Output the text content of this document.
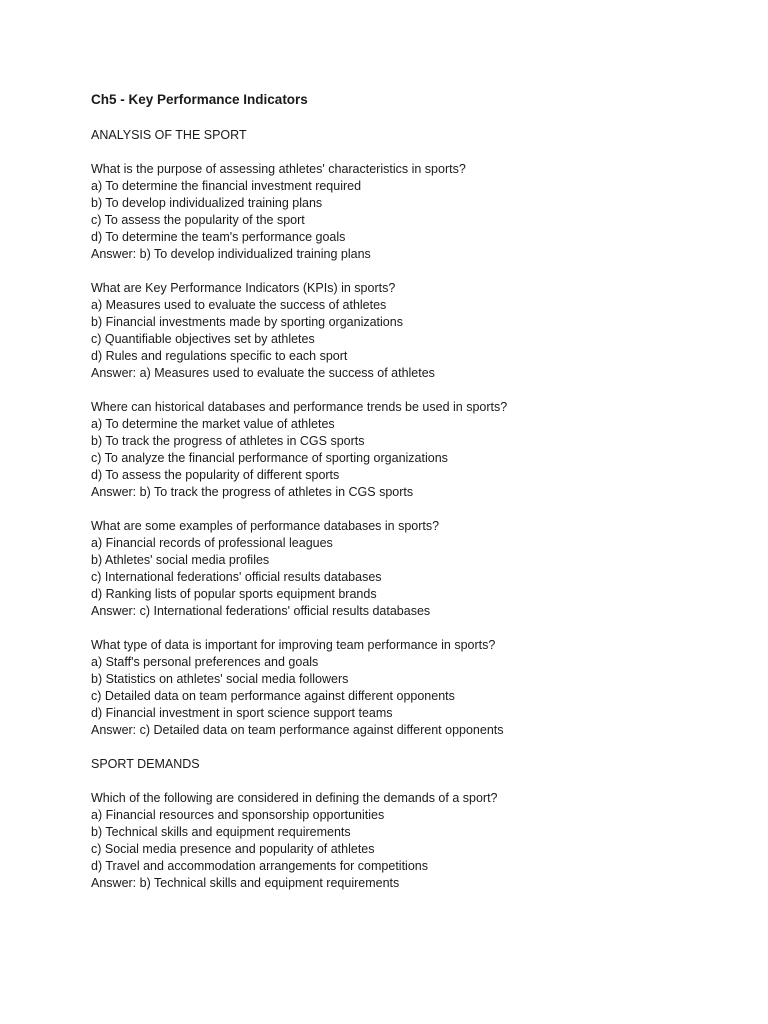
Ch5 - Key Performance Indicators
ANALYSIS OF THE SPORT
What is the purpose of assessing athletes' characteristics in sports?
a) To determine the financial investment required
b) To develop individualized training plans
c) To assess the popularity of the sport
d) To determine the team's performance goals
Answer: b) To develop individualized training plans
What are Key Performance Indicators (KPIs) in sports?
a) Measures used to evaluate the success of athletes
b) Financial investments made by sporting organizations
c) Quantifiable objectives set by athletes
d) Rules and regulations specific to each sport
Answer: a) Measures used to evaluate the success of athletes
Where can historical databases and performance trends be used in sports?
a) To determine the market value of athletes
b) To track the progress of athletes in CGS sports
c) To analyze the financial performance of sporting organizations
d) To assess the popularity of different sports
Answer: b) To track the progress of athletes in CGS sports
What are some examples of performance databases in sports?
a) Financial records of professional leagues
b) Athletes' social media profiles
c) International federations' official results databases
d) Ranking lists of popular sports equipment brands
Answer: c) International federations' official results databases
What type of data is important for improving team performance in sports?
a) Staff's personal preferences and goals
b) Statistics on athletes' social media followers
c) Detailed data on team performance against different opponents
d) Financial investment in sport science support teams
Answer: c) Detailed data on team performance against different opponents
SPORT DEMANDS
Which of the following are considered in defining the demands of a sport?
a) Financial resources and sponsorship opportunities
b) Technical skills and equipment requirements
c) Social media presence and popularity of athletes
d) Travel and accommodation arrangements for competitions
Answer: b) Technical skills and equipment requirements
